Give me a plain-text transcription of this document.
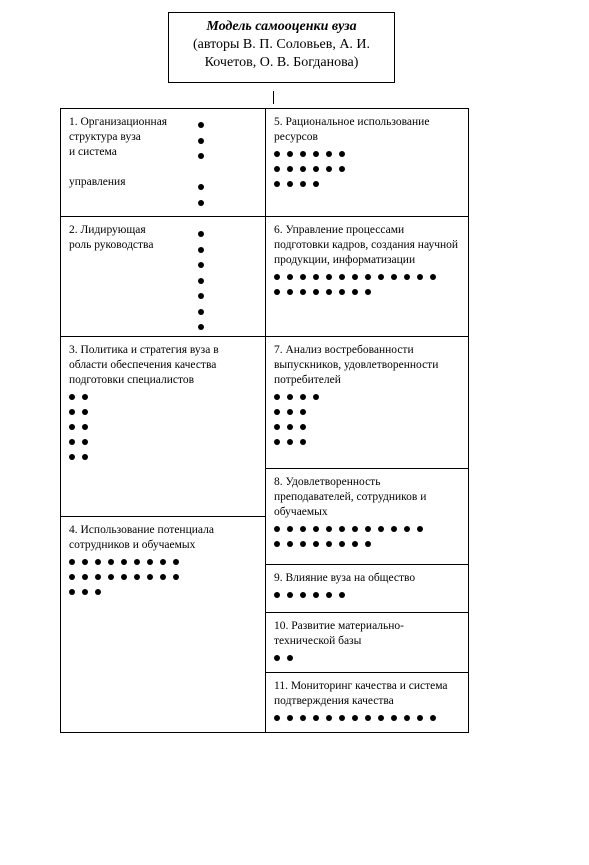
Модель самооценки вуза
(авторы В. П. Соловьев, А. И.
Кочетов, О. В. Богданова)
1. Организационная
структура вуза
и система

управления
2. Лидирующая
роль руководства
3. Политика и стратегия вуза в области обеспечения качества подготовки специалистов
4. Использование потенциала сотрудников и обучаемых
5. Рациональное использование ресурсов
6. Управление процессами подготовки кадров, создания научной продукции, информатизации
7. Анализ востребованности выпускников, удовлетворенности потребителей
8. Удовлетворенность преподавателей, сотрудников и обучаемых
9. Влияние вуза на общество
10. Развитие материально-технической базы
11. Мониторинг качества и система подтверждения качества
